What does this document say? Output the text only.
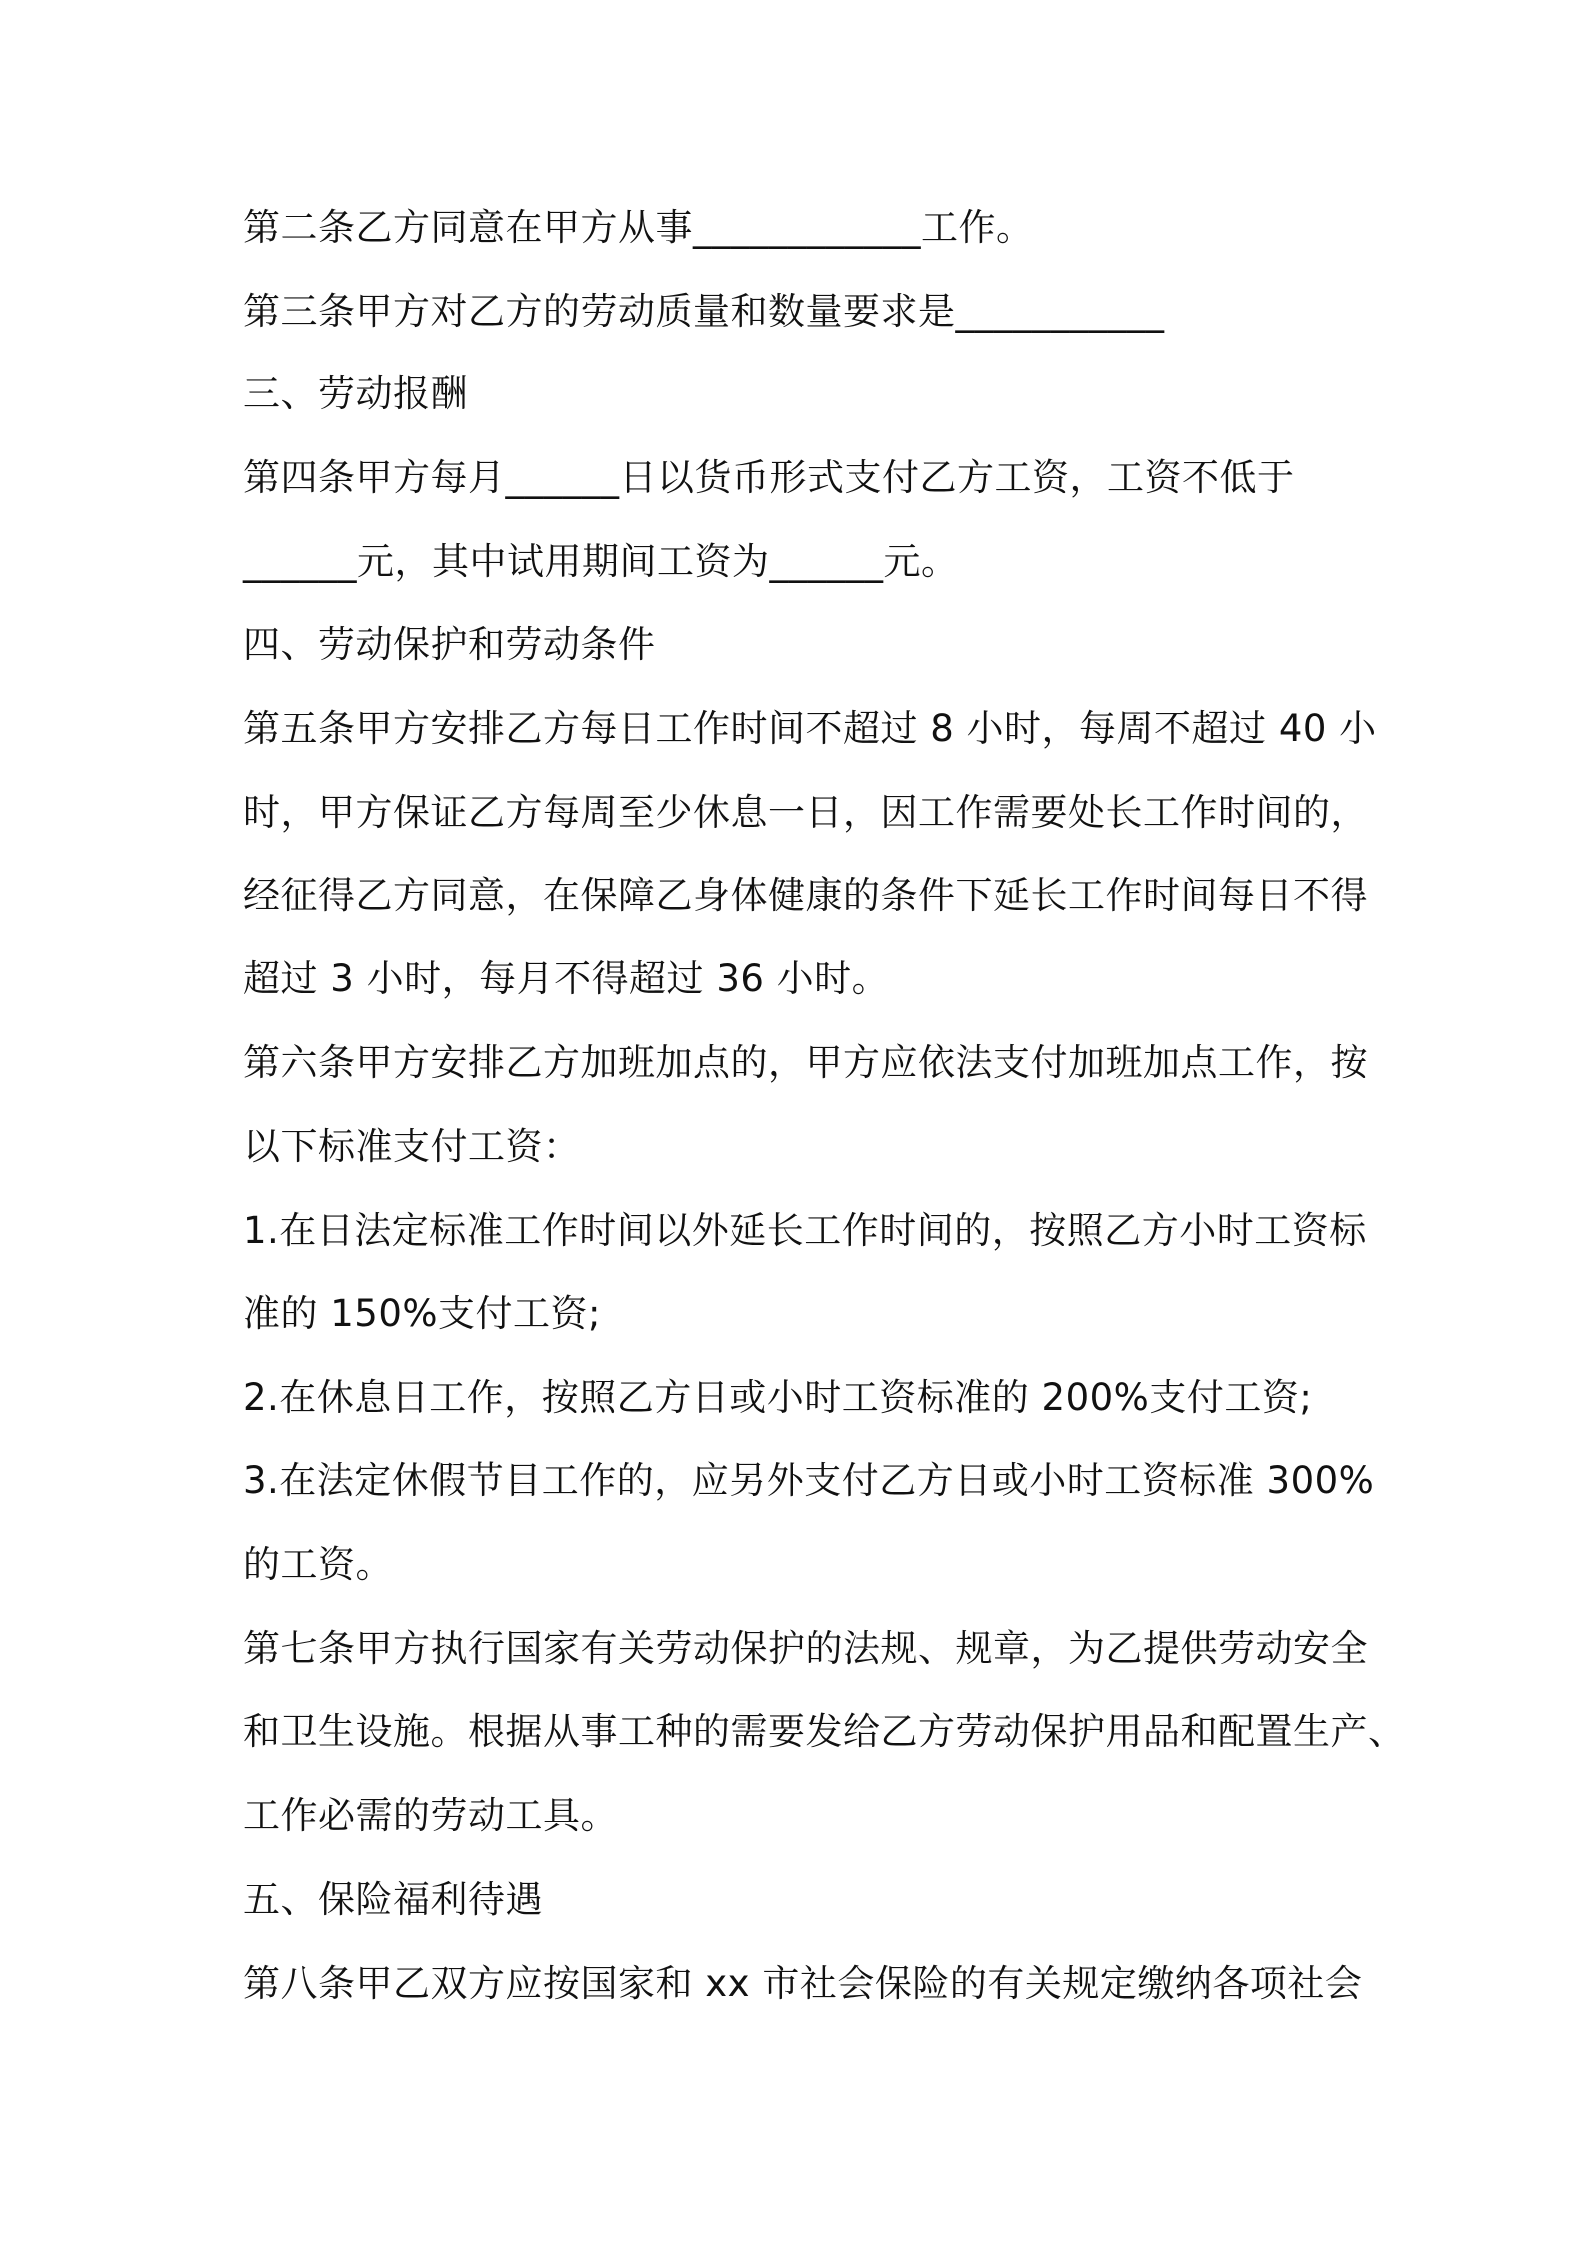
第二条乙方同意在甲方从事____________工作。
第三条甲方对乙方的劳动质量和数量要求是___________
三、劳动报酬
第四条甲方每月______日以货币形式支付乙方工资，工资不低于
______元，其中试用期间工资为______元。
四、劳动保护和劳动条件
第五条甲方安排乙方每日工作时间不超过 8 小时，每周不超过 40 小
时，甲方保证乙方每周至少休息一日，因工作需要处长工作时间的，
经征得乙方同意，在保障乙身体健康的条件下延长工作时间每日不得
超过 3 小时，每月不得超过 36 小时。
第六条甲方安排乙方加班加点的，甲方应依法支付加班加点工作，按
以下标准支付工资：
1.在日法定标准工作时间以外延长工作时间的，按照乙方小时工资标
准的 150%支付工资;
2.在休息日工作，按照乙方日或小时工资标准的 200%支付工资;
3.在法定休假节目工作的，应另外支付乙方日或小时工资标准 300%
的工资。
第七条甲方执行国家有关劳动保护的法规、规章，为乙提供劳动安全
和卫生设施。根据从事工种的需要发给乙方劳动保护用品和配置生产、
工作必需的劳动工具。
五、保险福利待遇
第八条甲乙双方应按国家和 xx 市社会保险的有关规定缴纳各项社会
